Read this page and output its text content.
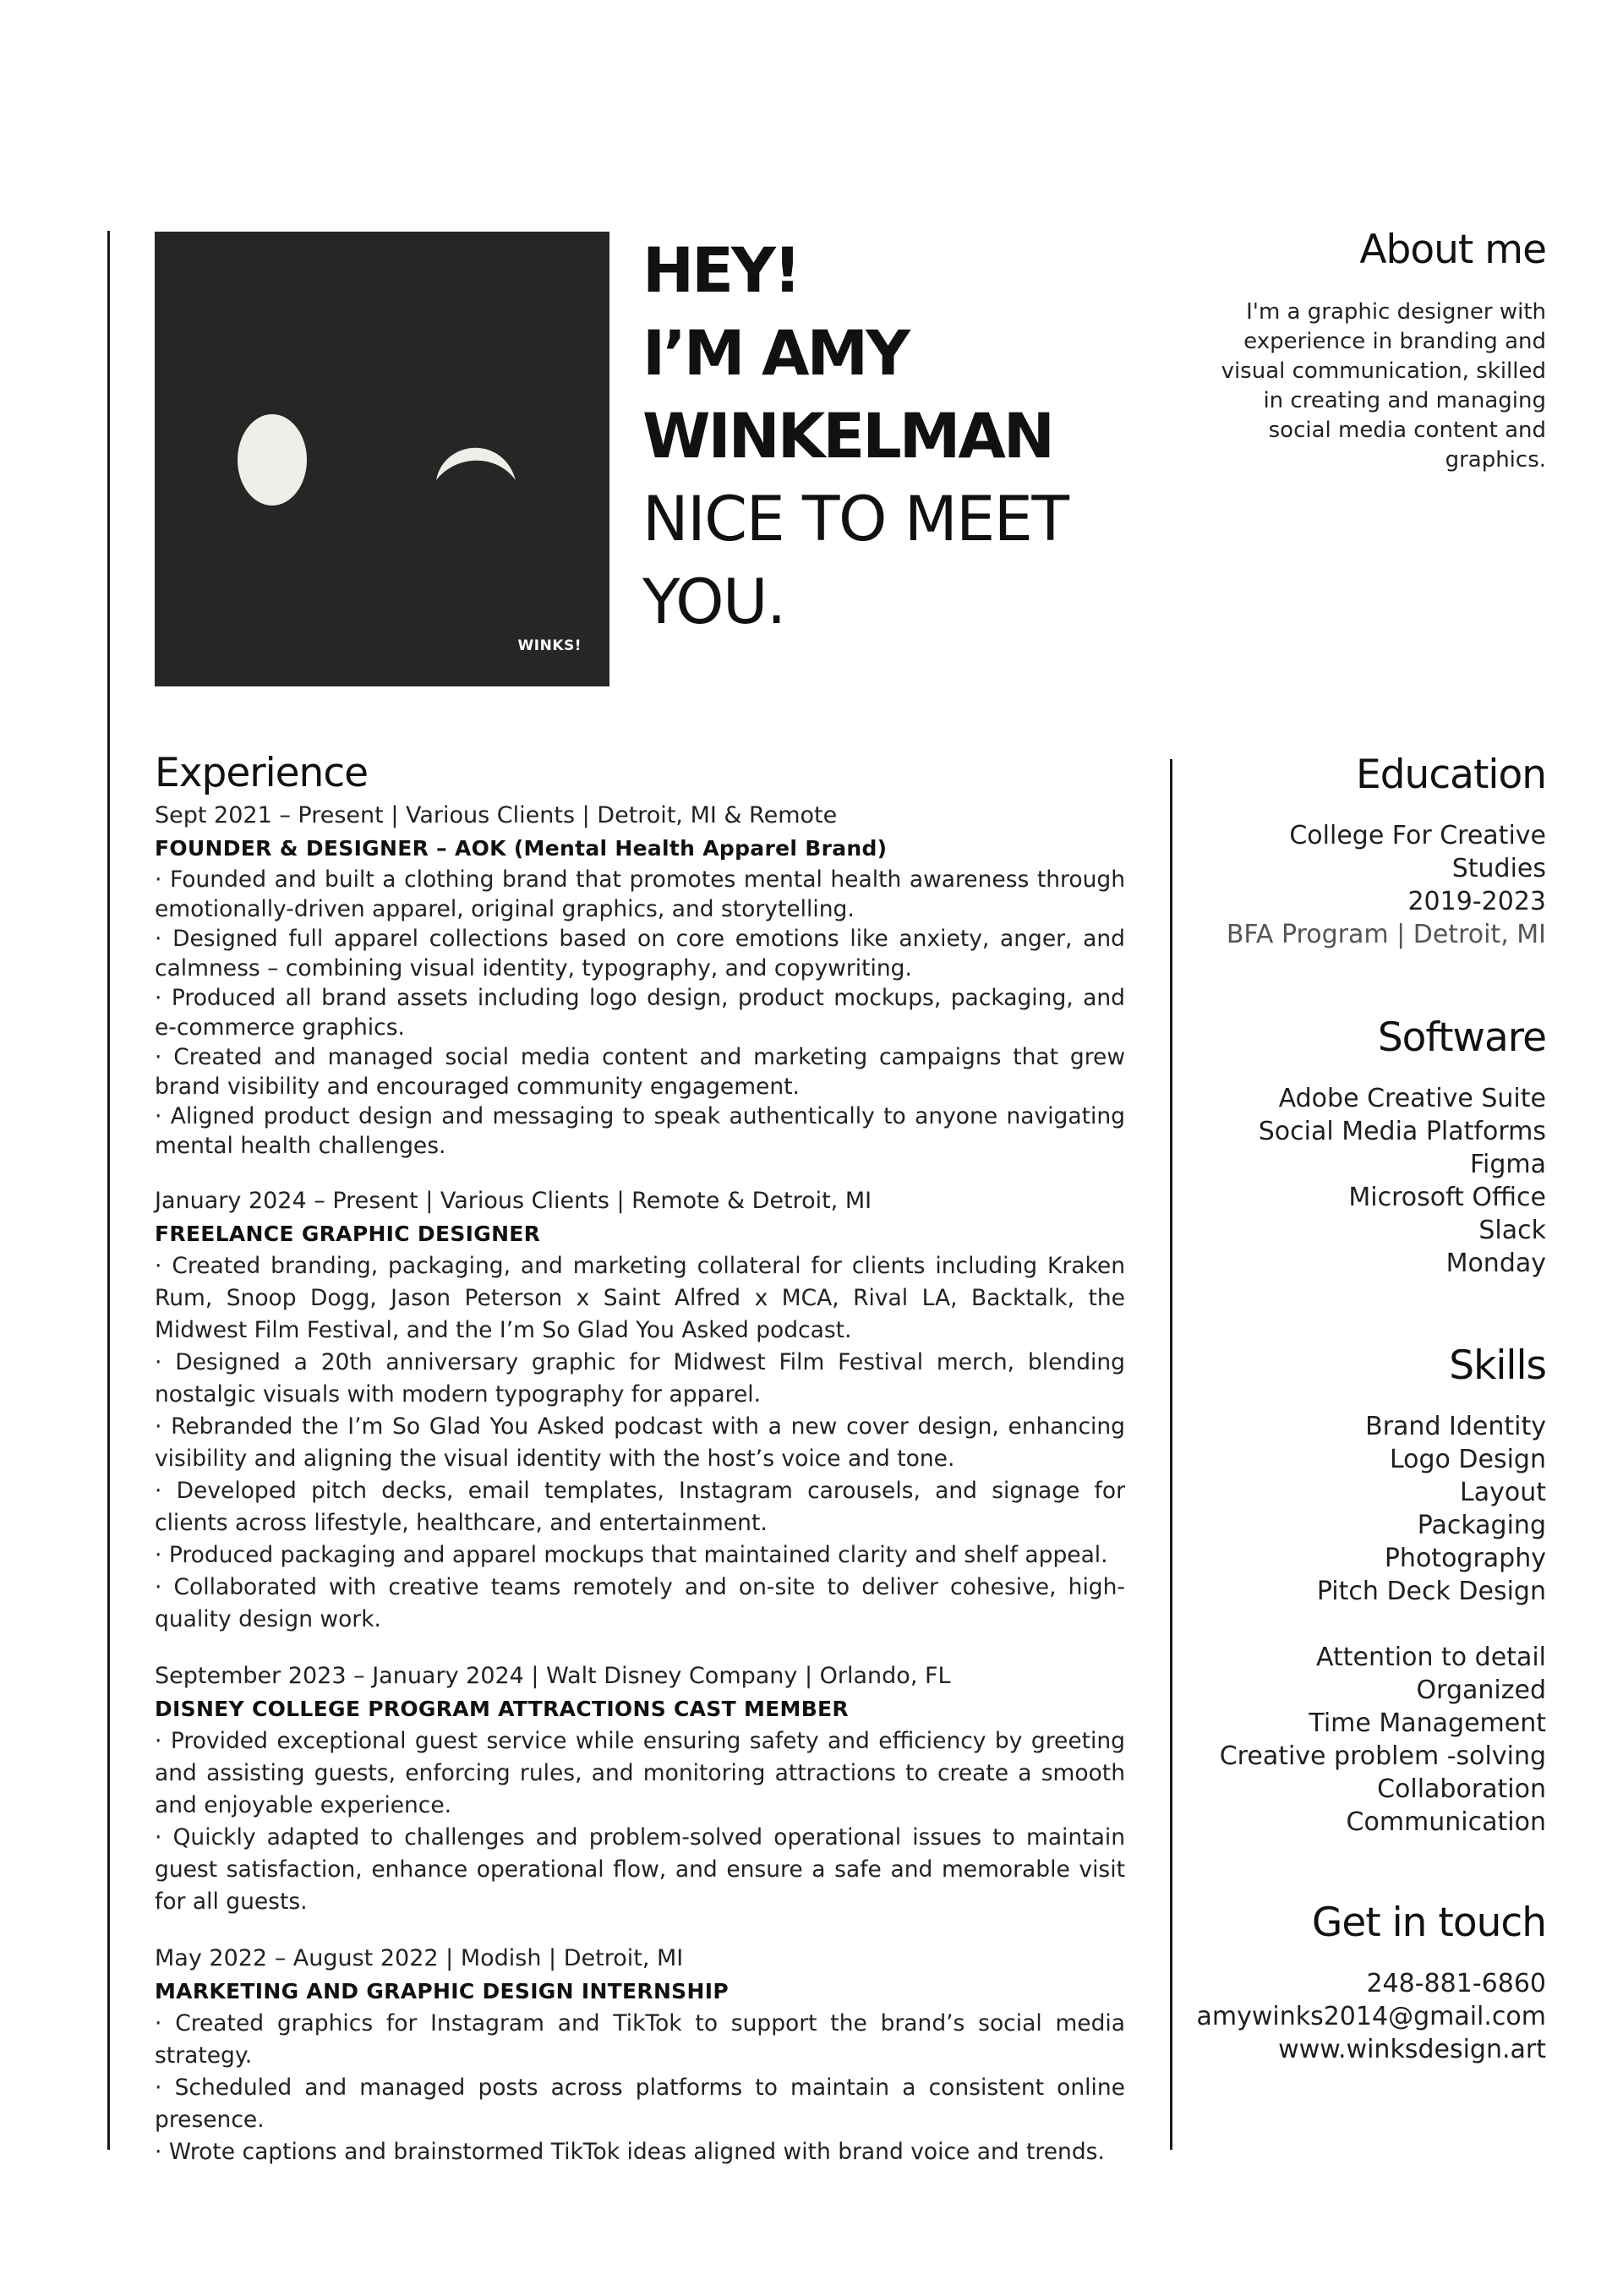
WINKS!
HEY!
I’M AMY
WINKELMAN
NICE TO MEET
YOU.
About me
I'm a graphic designer with
experience in branding and
visual communication, skilled
in creating and managing
social media content and
graphics.
Experience
Sept 2021 – Present | Various Clients | Detroit, MI & Remote
FOUNDER & DESIGNER – AOK (Mental Health Apparel Brand)
· Founded and built a clothing brand that promotes mental health awareness through emotionally-driven apparel, original graphics, and storytelling.
· Designed full apparel collections based on core emotions like anxiety, anger, and calmness – combining visual identity, typography, and copywriting.
· Produced all brand assets including logo design, product mockups, packaging, and e-commerce graphics.
· Created and managed social media content and marketing campaigns that grew brand visibility and encouraged community engagement.
· Aligned product design and messaging to speak authentically to anyone navigating mental health challenges.
January 2024 – Present | Various Clients | Remote & Detroit, MI
FREELANCE GRAPHIC DESIGNER
· Created branding, packaging, and marketing collateral for clients including Kraken Rum, Snoop Dogg, Jason Peterson x Saint Alfred x MCA, Rival LA, Backtalk, the Midwest Film Festival, and the I’m So Glad You Asked podcast.
· Designed a 20th anniversary graphic for Midwest Film Festival merch, blending nostalgic visuals with modern typography for apparel.
· Rebranded the I’m So Glad You Asked podcast with a new cover design, enhancing visibility and aligning the visual identity with the host’s voice and tone.
· Developed pitch decks, email templates, Instagram carousels, and signage for clients across lifestyle, healthcare, and entertainment.
· Produced packaging and apparel mockups that maintained clarity and shelf appeal.
· Collaborated with creative teams remotely and on-site to deliver cohesive, high-quality design work.
September 2023 – January 2024 | Walt Disney Company | Orlando, FL
DISNEY COLLEGE PROGRAM ATTRACTIONS CAST MEMBER
· Provided exceptional guest service while ensuring safety and efficiency by greeting and assisting guests, enforcing rules, and monitoring attractions to create a smooth and enjoyable experience.
· Quickly adapted to challenges and problem-solved operational issues to maintain guest satisfaction, enhance operational flow, and ensure a safe and memorable visit for all guests.
May 2022 – August 2022 | Modish | Detroit, MI
MARKETING AND GRAPHIC DESIGN INTERNSHIP
· Created graphics for Instagram and TikTok to support the brand’s social media strategy.
· Scheduled and managed posts across platforms to maintain a consistent online presence.
· Wrote captions and brainstormed TikTok ideas aligned with brand voice and trends.
Education
College For Creative
Studies
2019-2023
BFA Program | Detroit, MI
Software
Adobe Creative Suite
Social Media Platforms
Figma
Microsoft Office
Slack
Monday
Skills
Brand Identity
Logo Design
Layout
Packaging
Photography
Pitch Deck Design
Attention to detail
Organized
Time Management
Creative problem -solving
Collaboration
Communication
Get in touch
248-881-6860
amywinks2014@gmail.com
www.winksdesign.art
